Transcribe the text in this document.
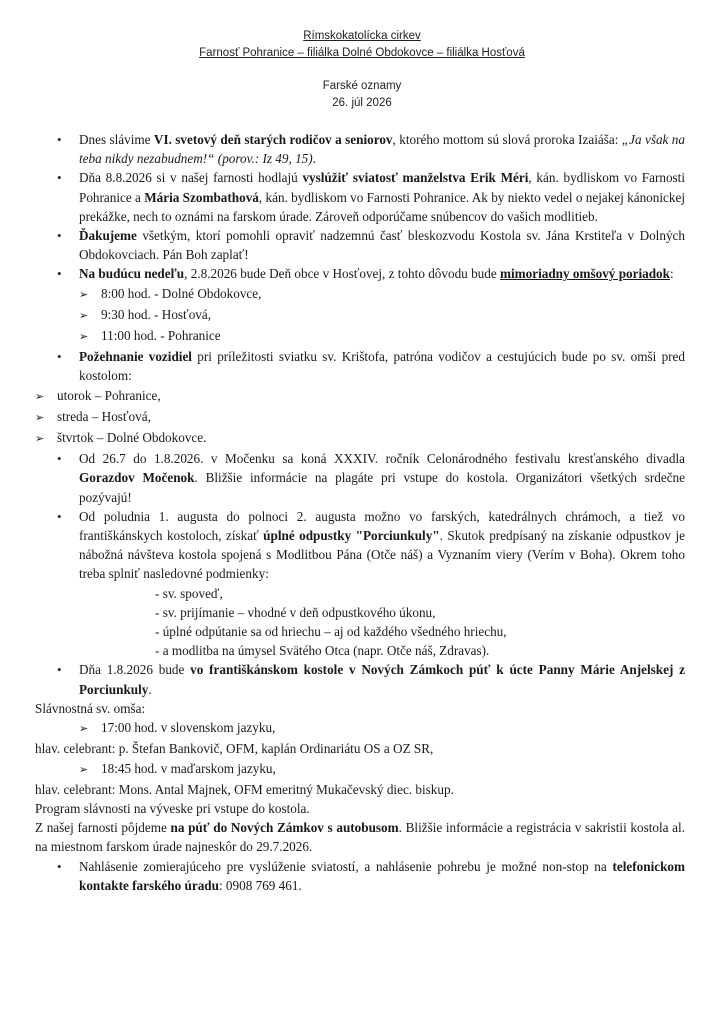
Rímskokatolícka cirkev
Farnosť Pohranice – filiálka Dolné Obdokovce – filiálka Hosťová
Farské oznamy
26. júl 2026

• Dnes slávime VI. svetový deň starých rodičov a seniorov, ktorého mottom sú slová proroka Izaiáša: „Ja však na teba nikdy nezabudnem!“ (porov.: Iz 49, 15).

• Dňa 8.8.2026 si v našej farnosti hodlajú vyslúžiť sviatosť manželstva Erik Méri, kán. bydliskom vo Farnosti Pohranice a Mária Szombathová, kán. bydliskom vo Farnosti Pohranice. Ak by niekto vedel o nejakej kánonickej prekážke, nech to oznámi na farskom úrade. Zároveň odporúčame snúbencov do vašich modlitieb.

• Ďakujeme všetkým, ktorí pomohli opraviť nadzemnú časť bleskozvodu Kostola sv. Jána Krstiteľa v Dolných Obdokovciach. Pán Boh zaplať!

• Na budúcu nedeľu, 2.8.2026 bude Deň obce v Hosťovej, z tohto dôvodu bude mimoriadny omšový poriadok:

➢ 8:00 hod. - Dolné Obdokovce,

➢ 9:30 hod. - Hosťová,

➢ 11:00 hod. - Pohranice

• Požehnanie vozidiel pri príležitosti sviatku sv. Krištofa, patróna vodičov a cestujúcich bude po sv. omši pred kostolom:

➢ utorok – Pohranice,

➢ streda – Hosťová,

➢ štvrtok – Dolné Obdokovce.

• Od 26.7 do 1.8.2026. v Močenku sa koná XXXIV. ročník Celonárodného festivalu kresťanského divadla Gorazdov Močenok. Bližšie informácie na plagáte pri vstupe do kostola. Organizátori všetkých srdečne pozývajú!

• Od poludnia 1. augusta do polnoci 2. augusta možno vo farských, katedrálnych chrámoch, a tiež vo františkánskych kostoloch, získať úplné odpustky "Porciunkuly". Skutok predpísaný na získanie odpustkov je nábožná návšteva kostola spojená s Modlitbou Pána (Otče náš) a Vyznaním viery (Verím v Boha). Okrem toho treba splniť nasledovné podmienky:

- sv. spoveď,

- sv. prijímanie – vhodné v deň odpustkového úkonu,

- úplné odpútanie sa od hriechu – aj od každého všedného hriechu,

- a modlitba na úmysel Svätého Otca (napr. Otče náš, Zdravas).

• Dňa 1.8.2026 bude vo františkánskom kostole v Nových Zámkoch púť k úcte Panny Márie Anjelskej z Porciunkuly.

Slávnostná sv. omša:

➢ 17:00 hod. v slovenskom jazyku,

hlav. celebrant: p. Štefan Bankovič, OFM, kaplán Ordinariátu OS a OZ SR,

➢ 18:45 hod. v maďarskom jazyku,

hlav. celebrant: Mons. Antal Majnek, OFM emeritný Mukačevský diec. biskup.

Program slávnosti na výveske pri vstupe do kostola.

Z našej farnosti pôjdeme na púť do Nových Zámkov s autobusom. Bližšie informácie a registrácia v sakristii kostola al. na miestnom farskom úrade najneskôr do 29.7.2026.

• Nahlásenie zomierajúceho pre vyslúženie sviatostí, a nahlásenie pohrebu je možné non-stop na telefonickom kontakte farského úradu: 0908 769 461.
